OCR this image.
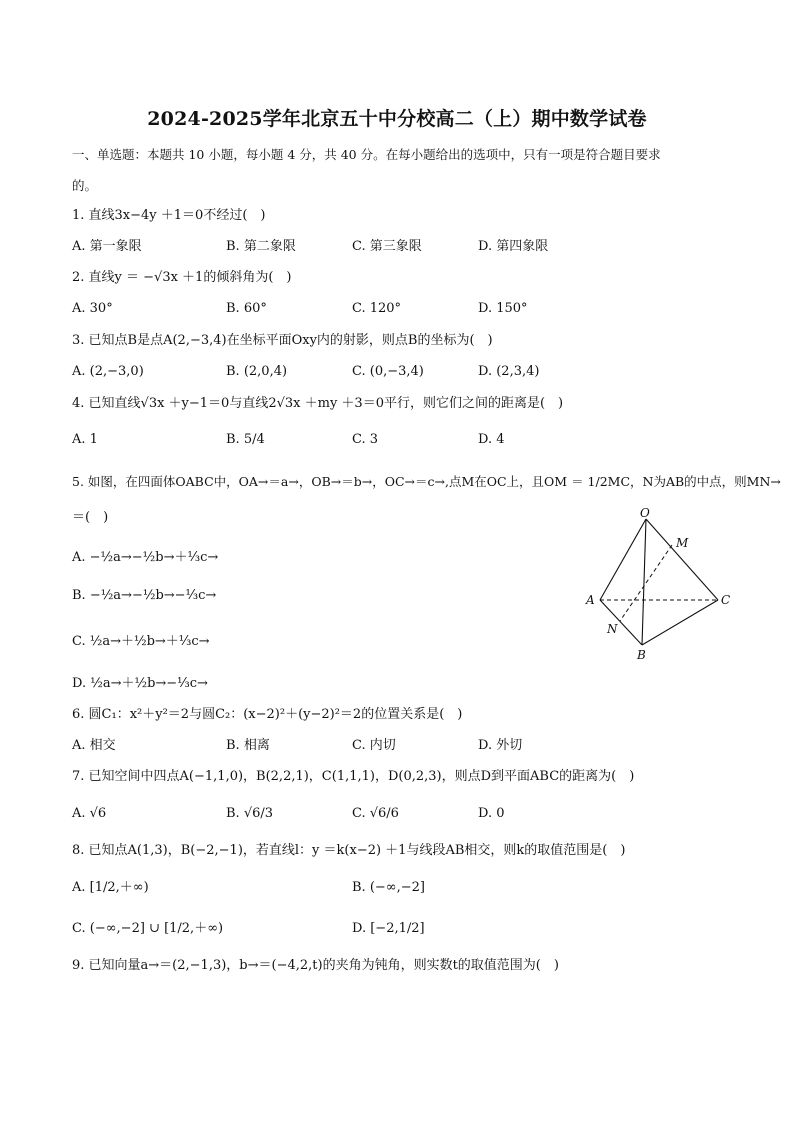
2024-2025学年北京五十中分校高二（上）期中数学试卷
一、单选题：本题共 10 小题，每小题 4 分，共 40 分。在每小题给出的选项中，只有一项是符合题目要求
的。
1. 直线3x−4y ＋1＝0不经过(　)
A. 第一象限	B. 第二象限	C. 第三象限	D. 第四象限
2. 直线y ＝ −√3x ＋1的倾斜角为(　)
A. 30°	B. 60°	C. 120°	D. 150°
3. 已知点B是点A(2,−3,4)在坐标平面Oxy内的射影，则点B的坐标为(　)
A. (2,−3,0)	B. (2,0,4)	C. (0,−3,4)	D. (2,3,4)
4. 已知直线√3x ＋y−1＝0与直线2√3x ＋my ＋3＝0平行，则它们之间的距离是(　)
A. 1	B. 5/4	C. 3	D. 4
5. 如图，在四面体OABC中，OA→＝a→，OB→＝b→，OC→＝c→,点M在OC上，且OM ＝ 1/2MC，N为AB的中点，则MN→
＝(　)
A. −½a→−½b→＋⅓c→
B. −½a→−½b→−⅓c→
C. ½a→＋½b→＋⅓c→
D. ½a→＋½b→−⅓c→
O
M
A	C
N
B
6. 圆C₁：x²＋y²＝2与圆C₂：(x−2)²＋(y−2)²＝2的位置关系是(　)
A. 相交	B. 相离	C. 内切	D. 外切
7. 已知空间中四点A(−1,1,0)，B(2,2,1)，C(1,1,1)，D(0,2,3)，则点D到平面ABC的距离为(　)
A. √6	B. √6/3	C. √6/6	D. 0
8. 已知点A(1,3)，B(−2,−1)，若直线l：y ＝k(x−2) ＋1与线段AB相交，则k的取值范围是(　)
A. [1/2,＋∞)	B. (−∞,−2]
C. (−∞,−2] ∪ [1/2,＋∞)	D. [−2,1/2]
9. 已知向量a→＝(2,−1,3)，b→＝(−4,2,t)的夹角为钝角，则实数t的取值范围为(　)
